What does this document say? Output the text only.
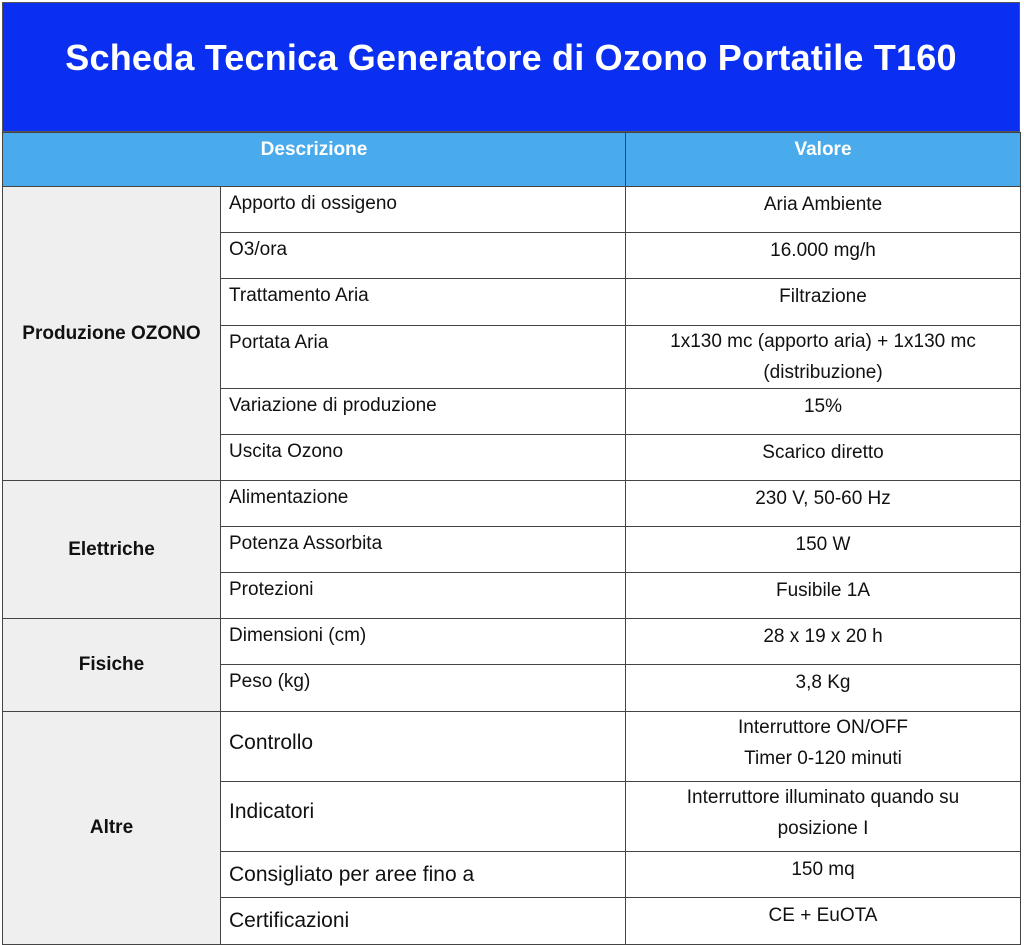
Scheda Tecnica Generatore di Ozono Portatile T160
Descrizione		Valore
Produzione OZONO	Apporto di ossigeno	Aria Ambiente
	O3/ora	16.000 mg/h
	Trattamento Aria	Filtrazione
	Portata Aria	1x130 mc (apporto aria) + 1x130 mc
(distribuzione)

	Variazione di produzione	15%
	Uscita Ozono	Scarico diretto
Elettriche	Alimentazione	230 V, 50-60 Hz
	Potenza Assorbita	150 W
	Protezioni	Fusibile 1A
Fisiche	Dimensioni (cm)	28 x 19 x 20 h
	Peso (kg)	3,8 Kg
Altre	Controllo	Interruttore ON/OFF
Timer 0-120 minuti

	Indicatori	Interruttore illuminato quando su
posizione I

	Consigliato per aree fino a	150 mq
	Certificazioni	CE + EuOTA
